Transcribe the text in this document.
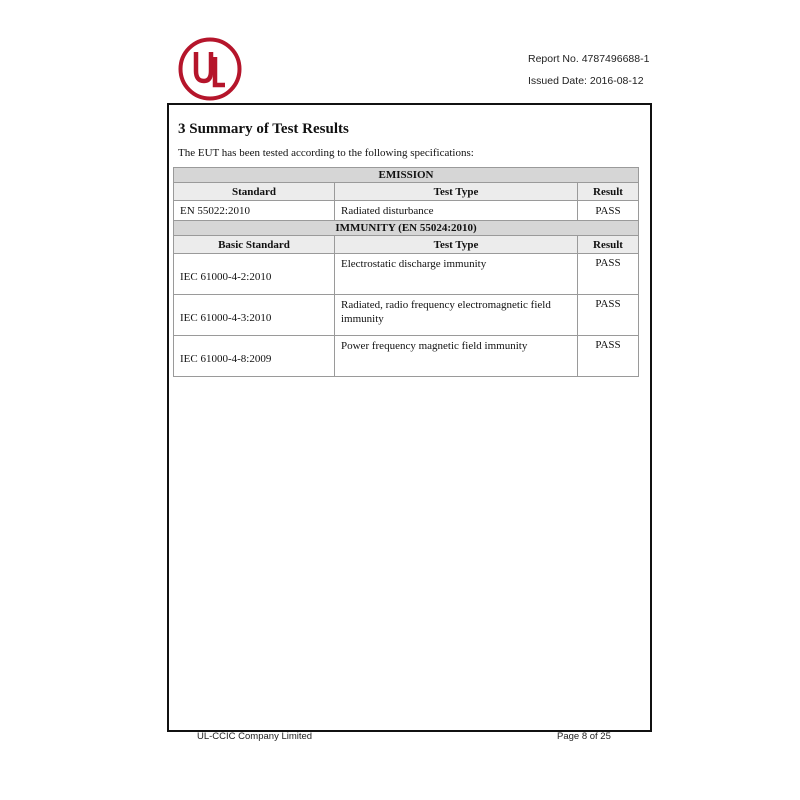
Report No. 4787496688-1
Issued Date: 2016-08-12
3 Summary of Test Results
The EUT has been tested according to the following specifications:
EMISSION		
Standard	Test Type	Result
EN 55022:2010	Radiated disturbance	PASS
IMMUNITY (EN 55024:2010)		
Basic Standard	Test Type	Result
IEC 61000-4-2:2010	Electrostatic discharge immunity	PASS
IEC 61000-4-3:2010	Radiated, radio frequency electromagnetic field immunity	PASS
IEC 61000-4-8:2009	Power frequency magnetic field immunity	PASS
UL-CCIC Company Limited	Page 8 of 25
